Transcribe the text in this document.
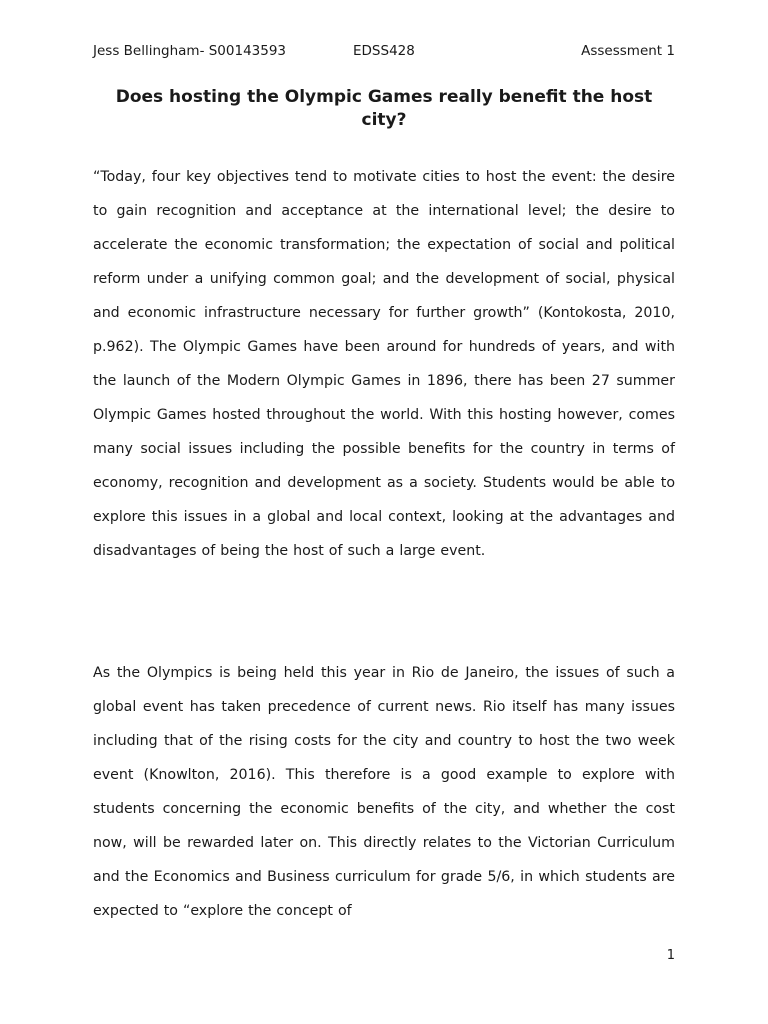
Jess Bellingham- S00143593	EDSS428	Assessment 1
Does hosting the Olympic Games really benefit the host city?

“Today, four key objectives tend to motivate cities to host the event: the desire to gain recognition and acceptance at the international level; the desire to accelerate the economic transformation; the expectation of social and political reform under a unifying common goal; and the development of social, physical and economic infrastructure necessary for further growth” (Kontokosta, 2010, p.962). The Olympic Games have been around for hundreds of years, and with the launch of the Modern Olympic Games in 1896, there has been 27 summer Olympic Games hosted throughout the world. With this hosting however, comes many social issues including the possible benefits for the country in terms of economy, recognition and development as a society. Students would be able to explore this issues in a global and local context, looking at the advantages and disadvantages of being the host of such a large event.

As the Olympics is being held this year in Rio de Janeiro, the issues of such a global event has taken precedence of current news. Rio itself has many issues including that of the rising costs for the city and country to host the two week event (Knowlton, 2016). This therefore is a good example to explore with students concerning the economic benefits of the city, and whether the cost now, will be rewarded later on. This directly relates to the Victorian Curriculum and the Economics and Business curriculum for grade 5/6, in which students are expected to “explore the concept of

1
